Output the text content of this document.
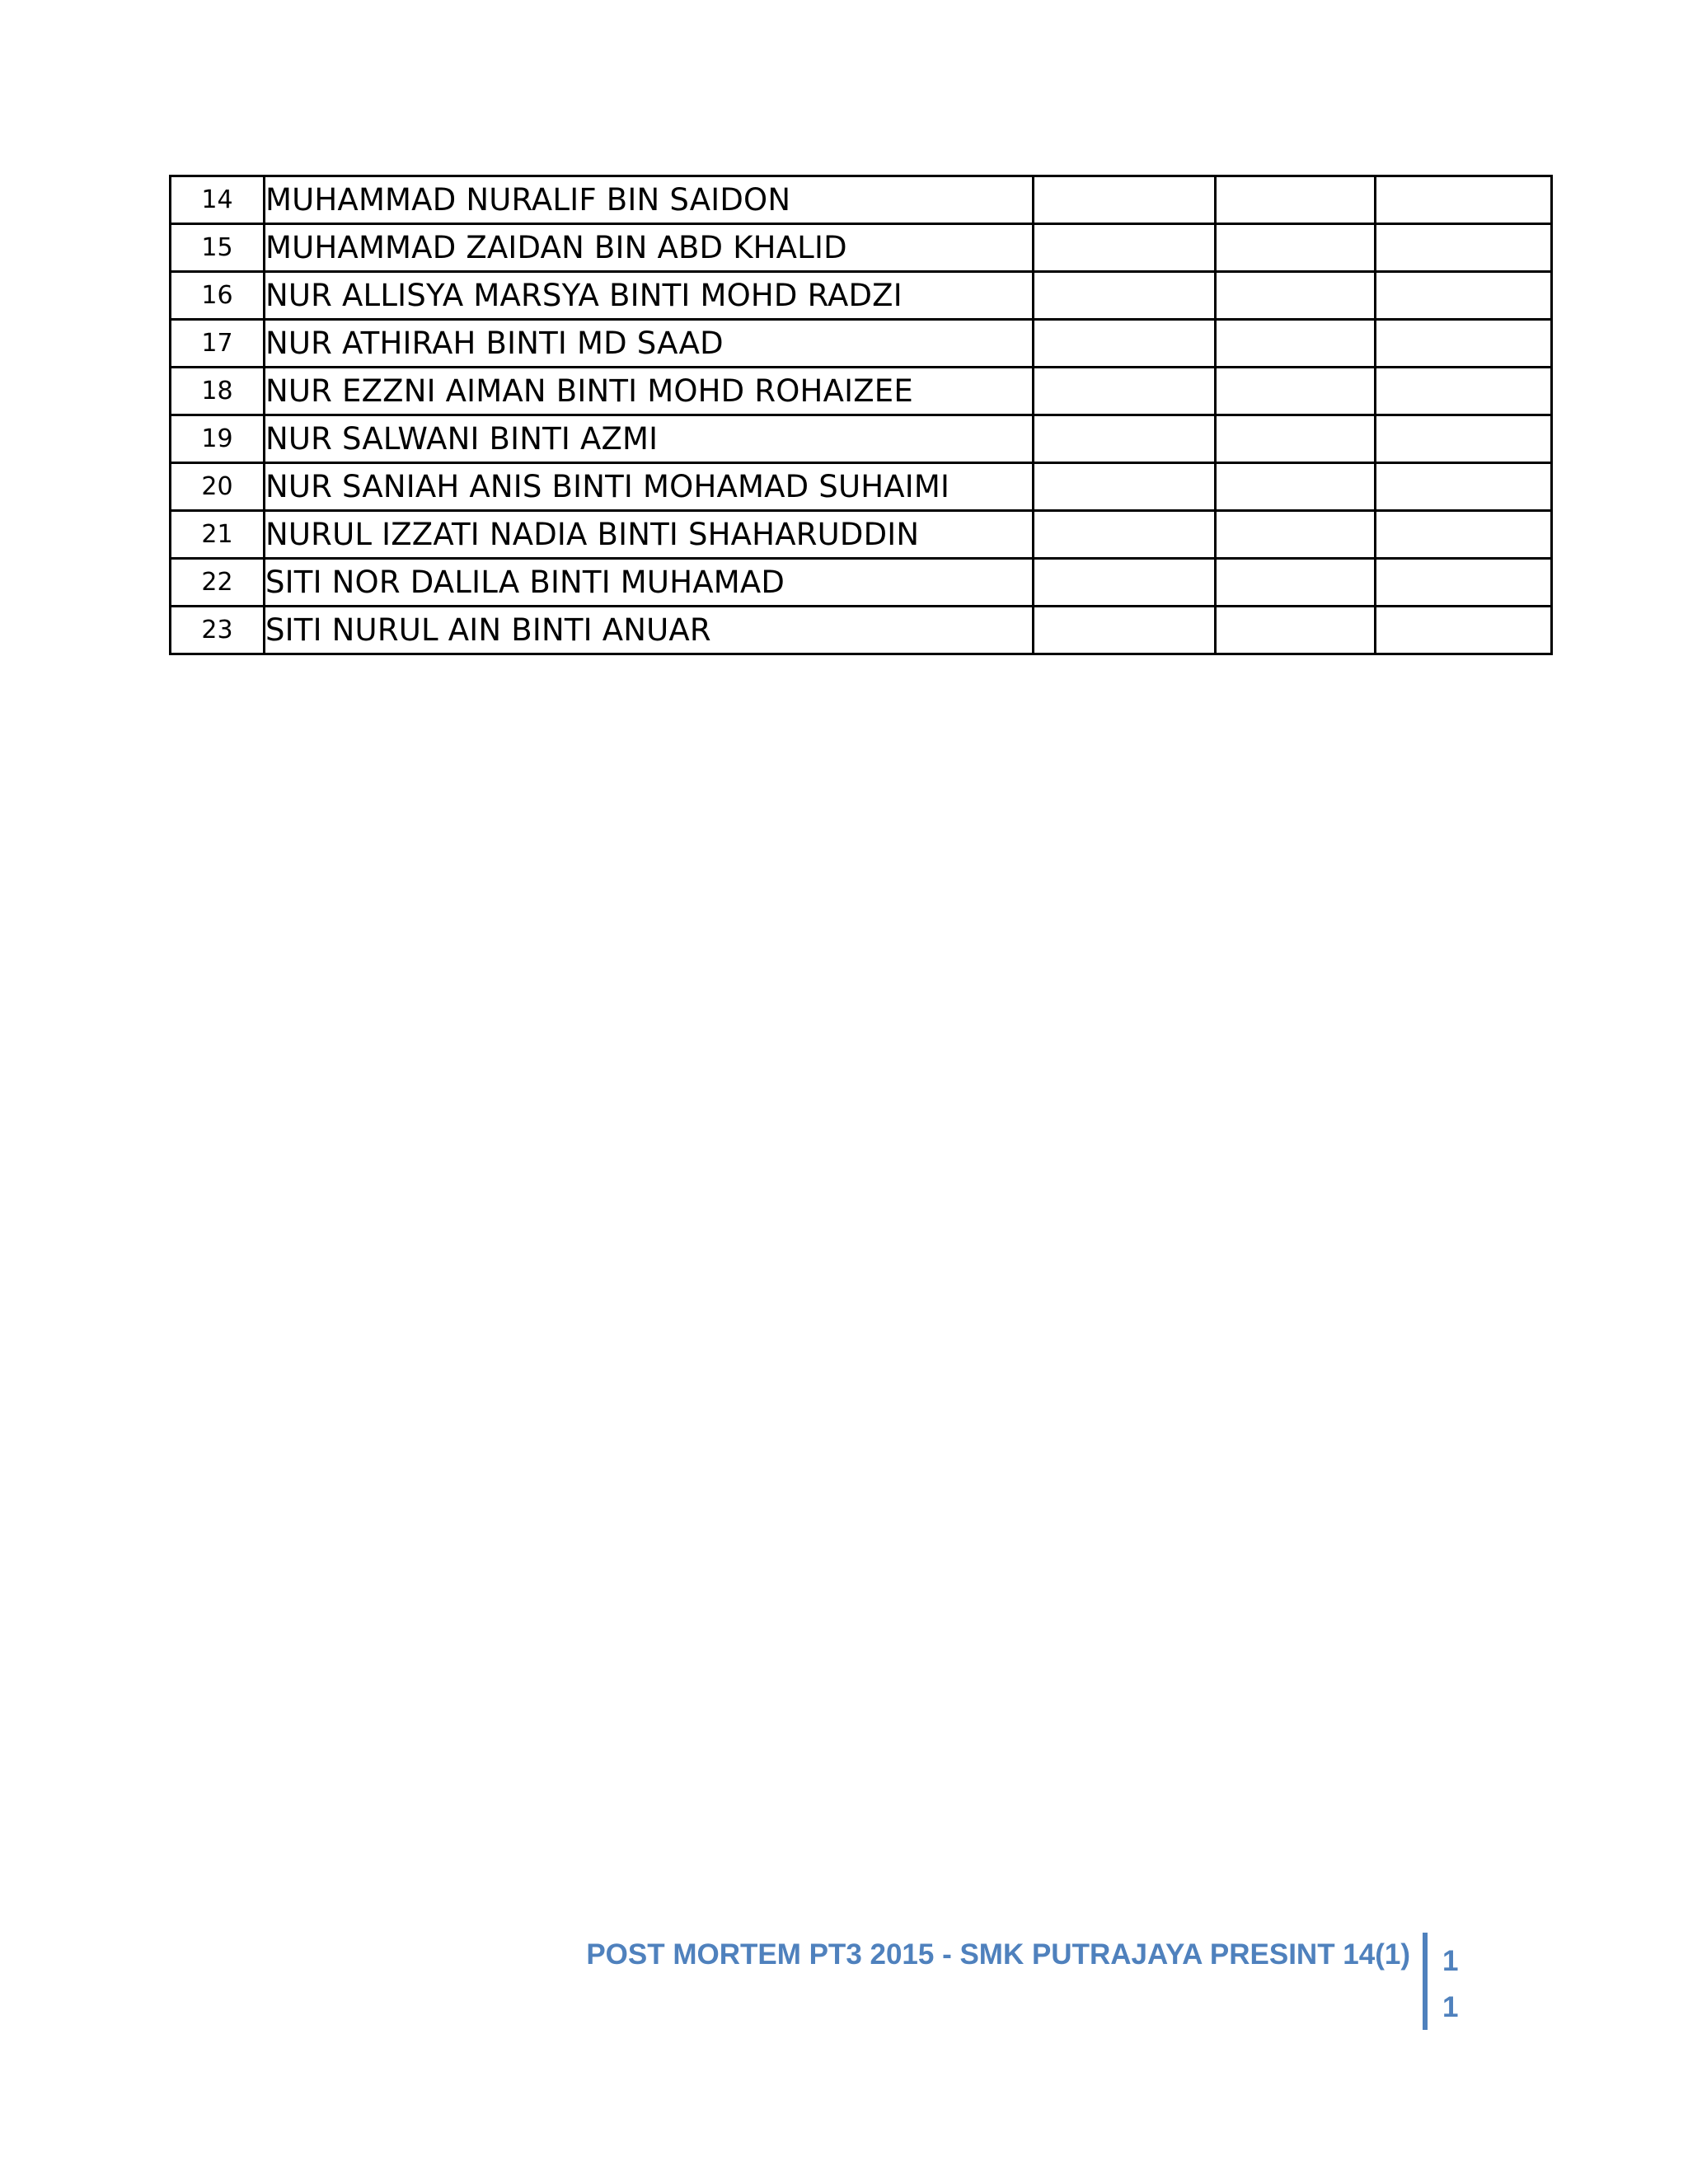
14	MUHAMMAD NURALIF BIN SAIDON			
15	MUHAMMAD ZAIDAN BIN ABD KHALID			
16	NUR ALLISYA MARSYA BINTI MOHD RADZI			
17	NUR ATHIRAH BINTI MD SAAD			
18	NUR EZZNI AIMAN BINTI MOHD ROHAIZEE			
19	NUR SALWANI BINTI AZMI			
20	NUR SANIAH ANIS BINTI MOHAMAD SUHAIMI			
21	NURUL IZZATI NADIA BINTI SHAHARUDDIN			
22	SITI NOR DALILA BINTI MUHAMAD			
23	SITI NURUL AIN BINTI ANUAR			
POST MORTEM PT3 2015 - SMK PUTRAJAYA PRESINT 14(1) 11
